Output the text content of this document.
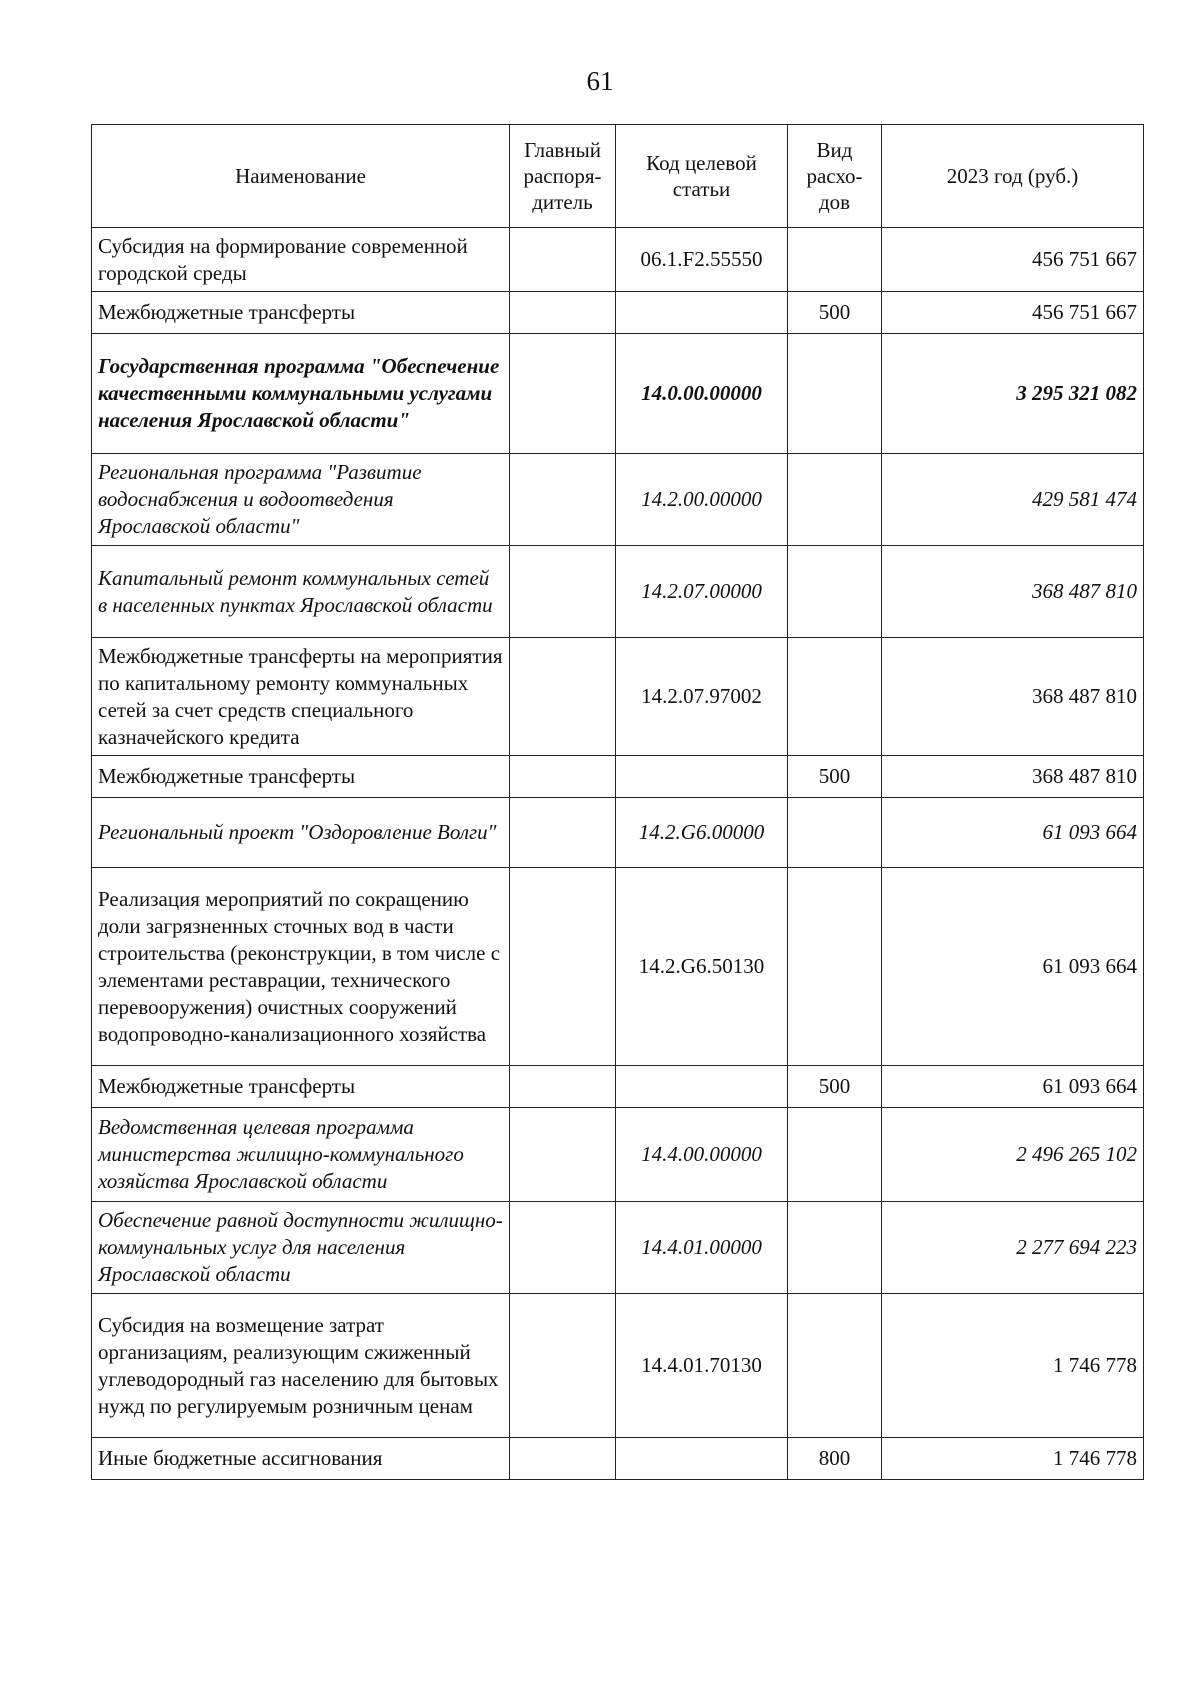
61
Наименование	Главный распоря-дитель	Код целевой статьи	Вид расхо-дов	2023 год (руб.)
Субсидия на формирование современной городской среды		06.1.F2.55550		456 751 667
Межбюджетные трансферты			500	456 751 667
Государственная программа "Обеспечение качественными коммунальными услугами населения Ярославской области"		14.0.00.00000		3 295 321 082
Региональная программа "Развитие водоснабжения и водоотведения Ярославской области"		14.2.00.00000		429 581 474
Капитальный ремонт коммунальных сетей в населенных пунктах Ярославской области		14.2.07.00000		368 487 810
Межбюджетные трансферты на мероприятия по капитальному ремонту коммунальных сетей за счет средств специального казначейского кредита		14.2.07.97002		368 487 810
Межбюджетные трансферты			500	368 487 810
Региональный проект "Оздоровление Волги"		14.2.G6.00000		61 093 664
Реализация мероприятий по сокращению доли загрязненных сточных вод в части строительства (реконструкции, в том числе с элементами реставрации, технического перевооружения) очистных сооружений водопроводно-канализационного хозяйства		14.2.G6.50130		61 093 664
Межбюджетные трансферты			500	61 093 664
Ведомственная целевая программа министерства жилищно-коммунального хозяйства Ярославской области		14.4.00.00000		2 496 265 102
Обеспечение равной доступности жилищно-коммунальных услуг для населения Ярославской области		14.4.01.00000		2 277 694 223
Субсидия на возмещение затрат организациям, реализующим сжиженный углеводородный газ населению для бытовых нужд по регулируемым розничным ценам		14.4.01.70130		1 746 778
Иные бюджетные ассигнования			800	1 746 778
